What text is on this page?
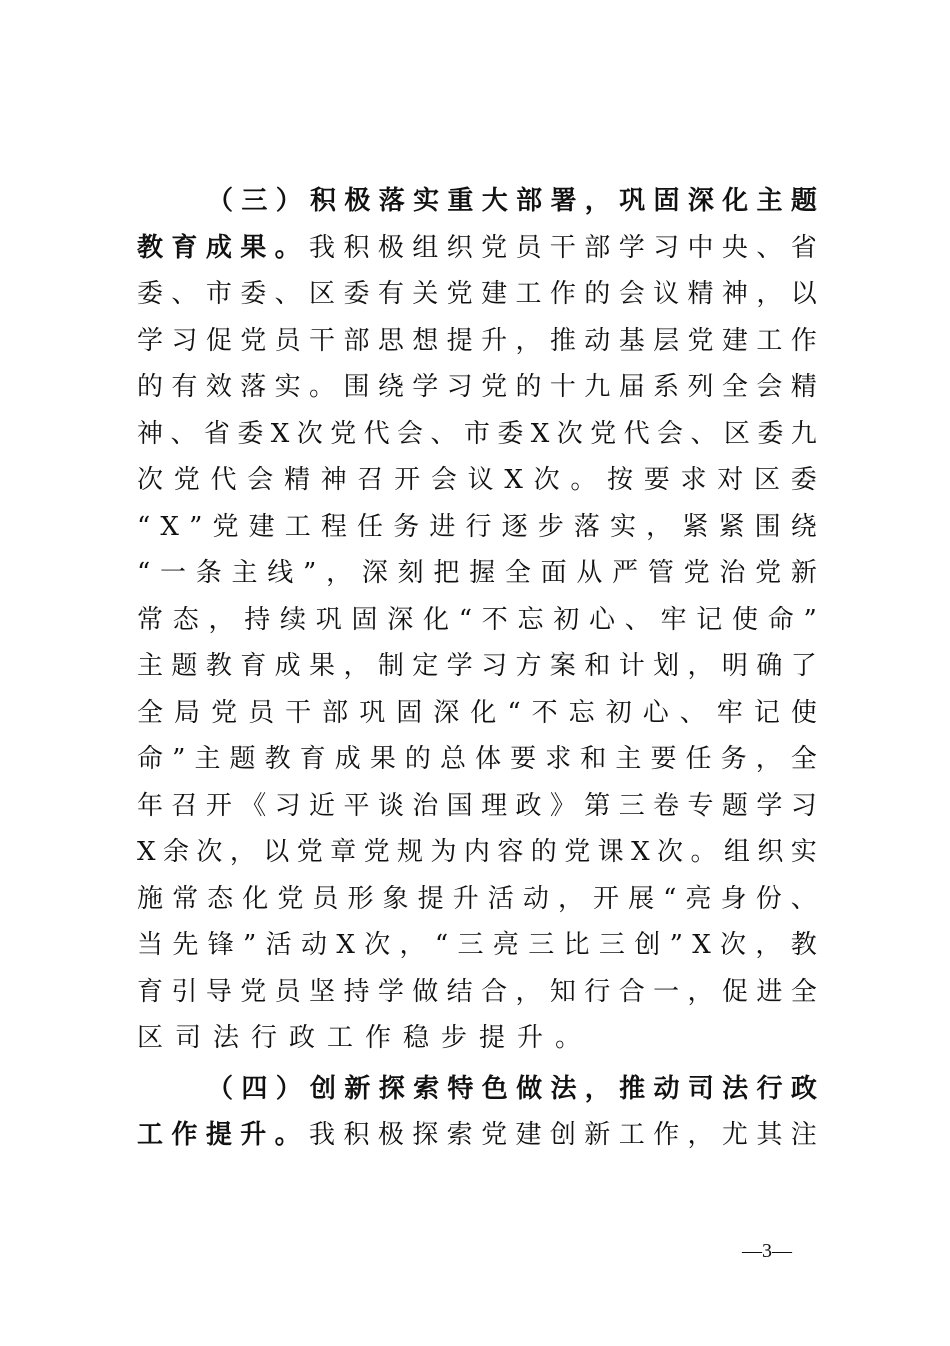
（ 三 ） 积 极 落 实 重 大 部 署 ， 巩 固 深 化 主 题
教 育 成 果 。 我 积 极 组 织 党 员 干 部 学 习 中 央 、 省
委 、 市 委 、 区 委 有 关 党 建 工 作 的 会 议 精 神 ， 以
学 习 促 党 员 干 部 思 想 提 升 ， 推 动 基 层 党 建 工 作
的 有 效 落 实 。 围 绕 学 习 党 的 十 九 届 系 列 全 会 精
神 、 省 委 X 次 党 代 会 、 市 委 X 次 党 代 会 、 区 委 九
次 党 代 会 精 神 召 开 会 议 X 次 。 按 要 求 对 区 委
“ X ” 党 建 工 程 任 务 进 行 逐 步 落 实 ， 紧 紧 围 绕
“ 一 条 主 线 ” ， 深 刻 把 握 全 面 从 严 管 党 治 党 新
常 态 ， 持 续 巩 固 深 化 “ 不 忘 初 心 、 牢 记 使 命 ”
主 题 教 育 成 果 ， 制 定 学 习 方 案 和 计 划 ， 明 确 了
全 局 党 员 干 部 巩 固 深 化 “ 不 忘 初 心 、 牢 记 使
命 ” 主 题 教 育 成 果 的 总 体 要 求 和 主 要 任 务 ， 全
年 召 开 《 习 近 平 谈 治 国 理 政 》 第 三 卷 专 题 学 习
X 余 次 ， 以 党 章 党 规 为 内 容 的 党 课 X 次 。 组 织 实
施 常 态 化 党 员 形 象 提 升 活 动 ， 开 展 “ 亮 身 份 、
当 先 锋 ” 活 动 X 次 ， “ 三 亮 三 比 三 创 ” X 次 ， 教
育 引 导 党 员 坚 持 学 做 结 合 ， 知 行 合 一 ， 促 进 全
区司法行政工作稳步提升。
（ 四 ） 创 新 探 索 特 色 做 法 ， 推 动 司 法 行 政
工 作 提 升 。 我 积 极 探 索 党 建 创 新 工 作 ， 尤 其 注
—3—
